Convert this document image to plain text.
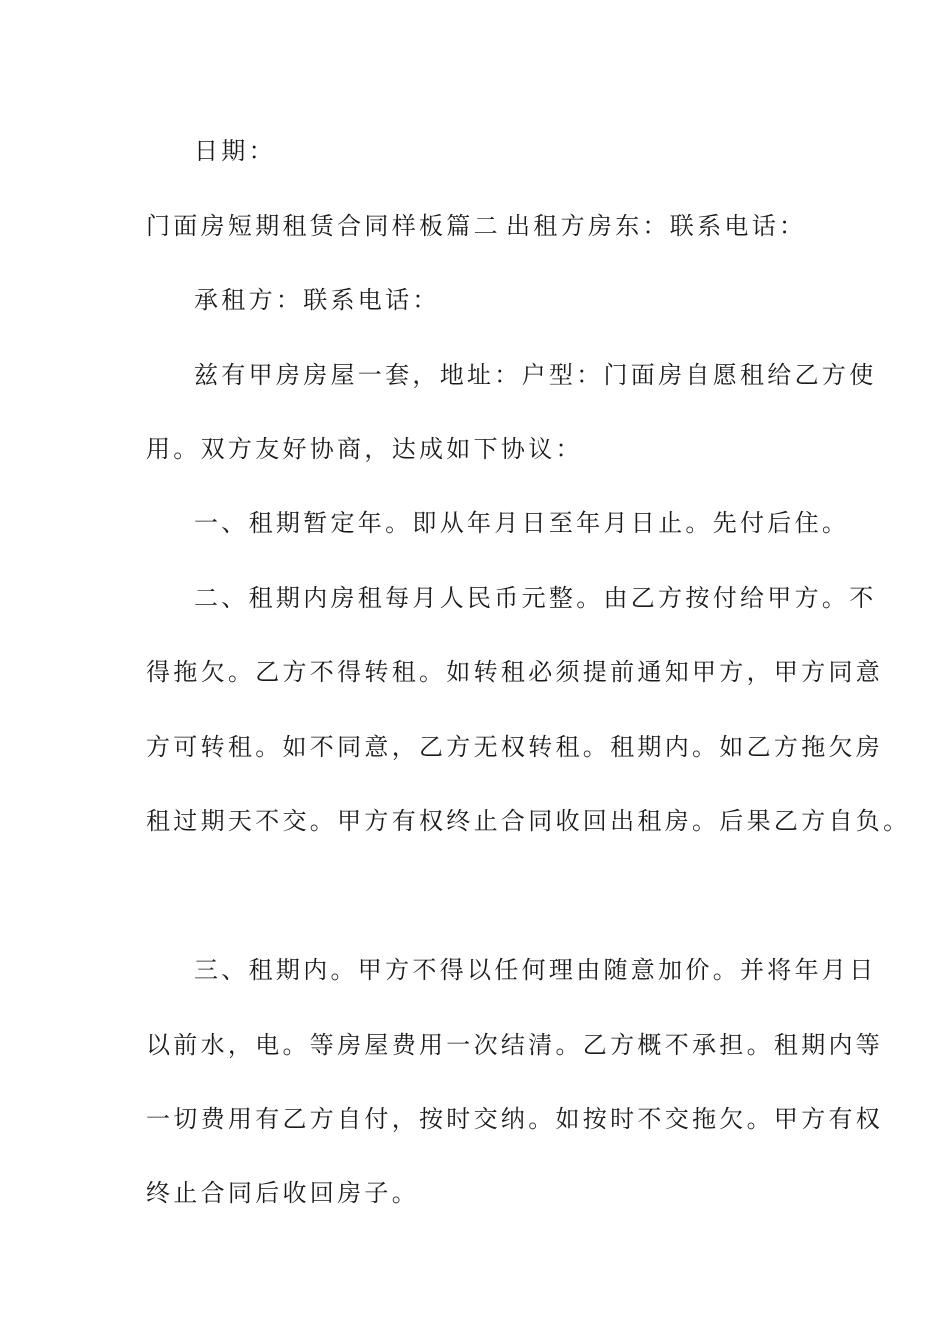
日期：
门面房短期租赁合同样板篇二 出租方房东：联系电话：
承租方：联系电话：
兹有甲房房屋一套，地址：户型：门面房自愿租给乙方使
用。双方友好协商，达成如下协议：
一、租期暂定年。即从年月日至年月日止。先付后住。
二、租期内房租每月人民币元整。由乙方按付给甲方。不
得拖欠。乙方不得转租。如转租必须提前通知甲方，甲方同意
方可转租。如不同意，乙方无权转租。租期内。如乙方拖欠房
租过期天不交。甲方有权终止合同收回出租房。后果乙方自负。
三、租期内。甲方不得以任何理由随意加价。并将年月日
以前水，电。等房屋费用一次结清。乙方概不承担。租期内等
一切费用有乙方自付，按时交纳。如按时不交拖欠。甲方有权
终止合同后收回房子。
